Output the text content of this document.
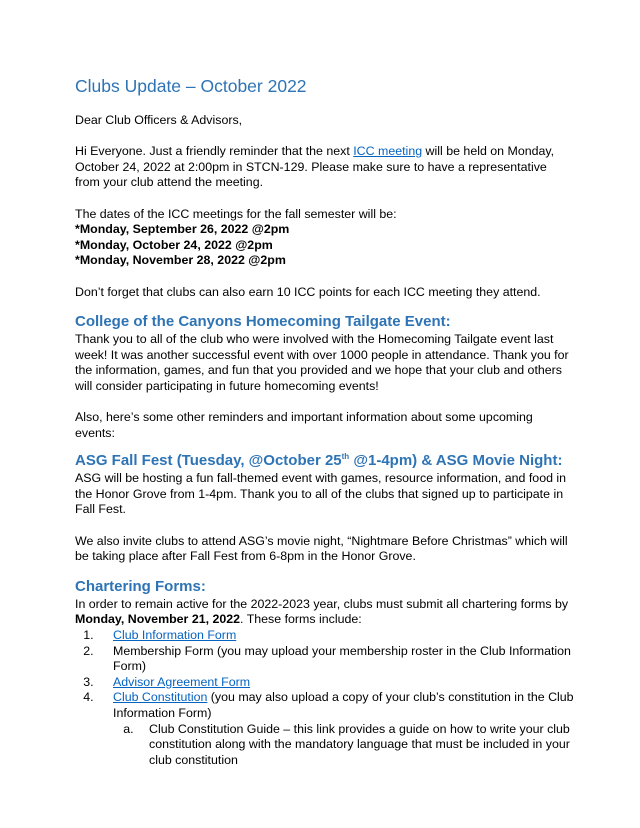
Clubs Update – October 2022

Dear Club Officers & Advisors,

Hi Everyone. Just a friendly reminder that the next ICC meeting will be held on Monday, October 24, 2022 at 2:00pm in STCN-129. Please make sure to have a representative from your club attend the meeting.

The dates of the ICC meetings for the fall semester will be:

*Monday, September 26, 2022 @2pm

*Monday, October 24, 2022 @2pm

*Monday, November 28, 2022 @2pm

Don’t forget that clubs can also earn 10 ICC points for each ICC meeting they attend.

College of the Canyons Homecoming Tailgate Event:

Thank you to all of the club who were involved with the Homecoming Tailgate event last week! It was another successful event with over 1000 people in attendance. Thank you for the information, games, and fun that you provided and we hope that your club and others will consider participating in future homecoming events!

Also, here’s some other reminders and important information about some upcoming events:

ASG Fall Fest (Tuesday, @October 25th @1-4pm) & ASG Movie Night:

ASG will be hosting a fun fall-themed event with games, resource information, and food in the Honor Grove from 1-4pm. Thank you to all of the clubs that signed up to participate in Fall Fest.

We also invite clubs to attend ASG’s movie night, “Nightmare Before Christmas” which will be taking place after Fall Fest from 6-8pm in the Honor Grove.

Chartering Forms:

In order to remain active for the 2022-2023 year, clubs must submit all chartering forms by Monday, November 21, 2022. These forms include:

1. Club Information Form
2. Membership Form (you may upload your membership roster in the Club Information Form)
3. Advisor Agreement Form
4. Club Constitution (you may also upload a copy of your club’s constitution in the Club Information Form)
a. Club Constitution Guide – this link provides a guide on how to write your club constitution along with the mandatory language that must be included in your club constitution
